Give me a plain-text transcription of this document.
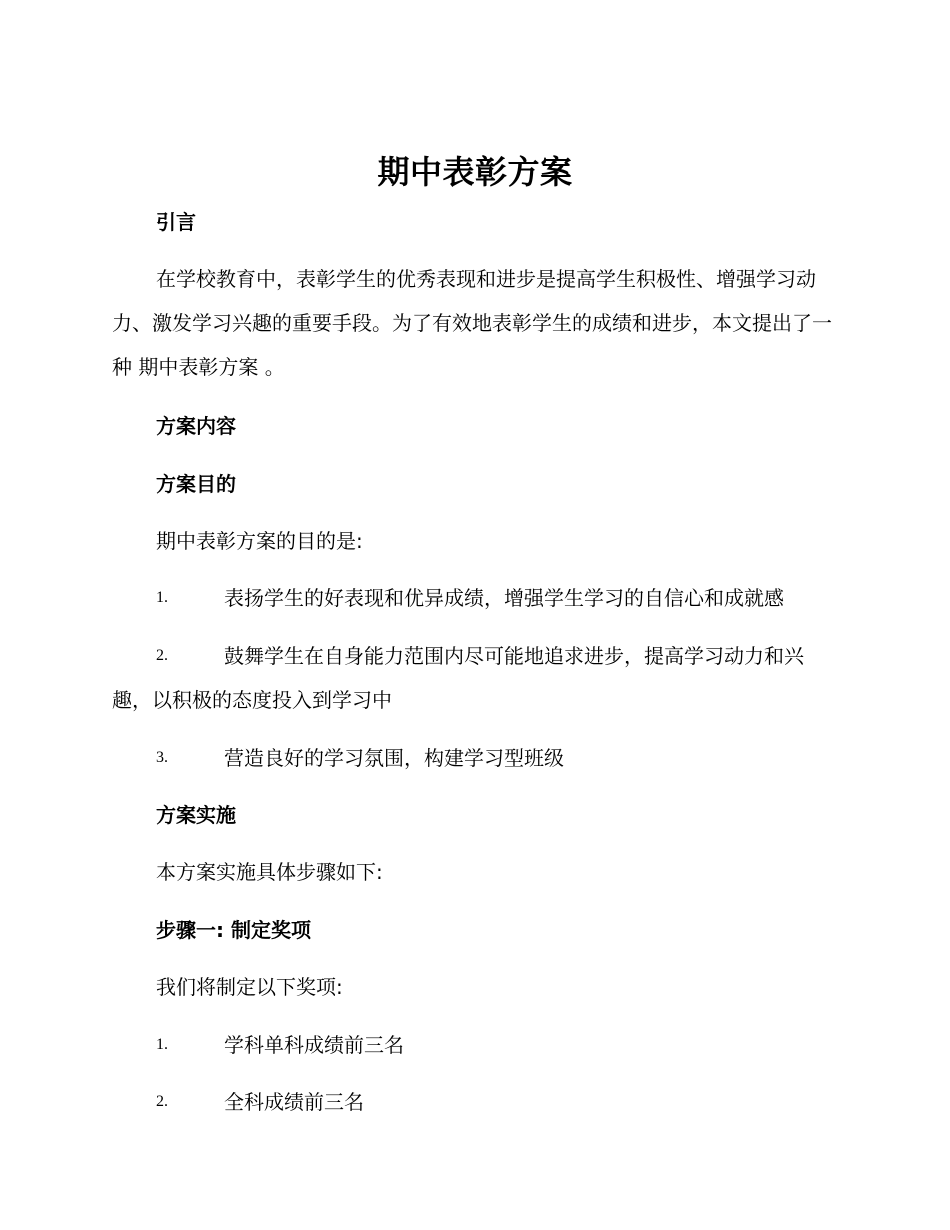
期中表彰方案
引言
在学校教育中，表彰学生的优秀表现和进步是提高学生积极性、增强学习动力、激发学习兴趣的重要手段。为了有效地表彰学生的成绩和进步，本文提出了一种 期中表彰方案 。
方案内容
方案目的
期中表彰方案的目的是:
1.	表扬学生的好表现和优异成绩，增强学生学习的自信心和成就感
2.	鼓舞学生在自身能力范围内尽可能地追求进步，提高学习动力和兴趣，以积极的态度投入到学习中
3.	营造良好的学习氛围，构建学习型班级
方案实施
本方案实施具体步骤如下:
步骤一: 制定奖项
我们将制定以下奖项:
1.	学科单科成绩前三名
2.	全科成绩前三名
